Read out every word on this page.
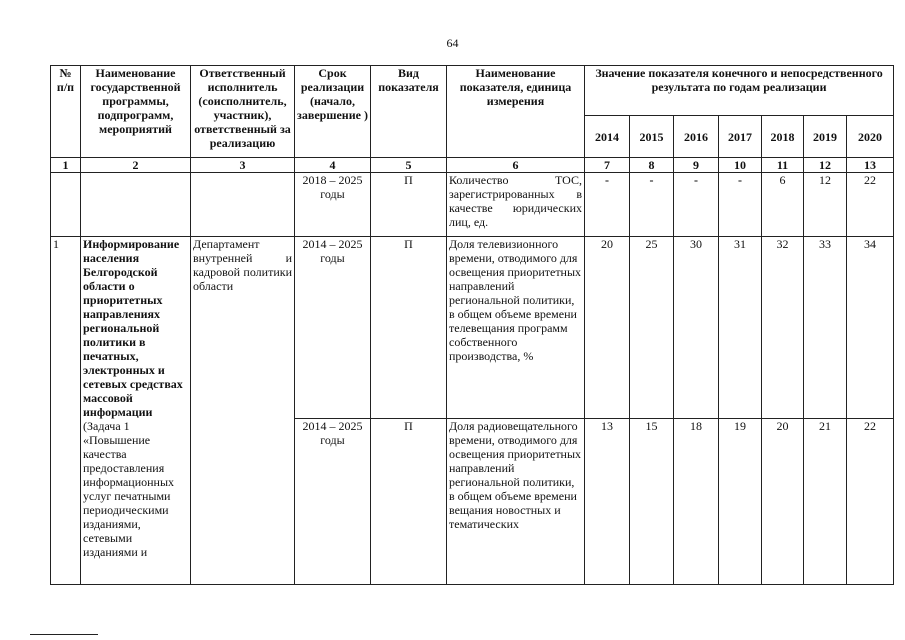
64
№ п/п	Наименование государственной программы, подпрограмм, мероприятий	Ответственный исполнитель (соисполнитель, участник), ответственный за реализацию	Срок реализации (начало, завершение )	Вид показателя	Наименование показателя, единица измерения	Значение показателя конечного и непосредственного результата по годам реализации						
						2014	2015	2016	2017	2018	2019	2020
1	2	3	4	5	6	7	8	9	10	11	12	13
			2018 – 2025 годы	П	Количество ТОС, зарегистрированных в качестве юридических лиц, ед.	-	-	-	-	6	12	22
1	Информирование населения Белгородской области о приоритетных направлениях региональной политики в печатных, электронных и сетевых средствах массовой информации (Задача 1 «Повышение качества предоставления информационных услуг печатными периодическими изданиями, сетевыми изданиями и	Департамент внутренней и кадровой политики области	2014 – 2025 годы	П	Доля телевизионного времени, отводимого для освещения приоритетных направлений региональной политики, в общем объеме времени телевещания программ собственного производства, %	20	25	30	31	32	33	34
			2014 – 2025 годы	П	Доля радиовещательного времени, отводимого для освещения приоритетных направлений региональной политики, в общем объеме времени вещания новостных и тематических	13	15	18	19	20	21	22
